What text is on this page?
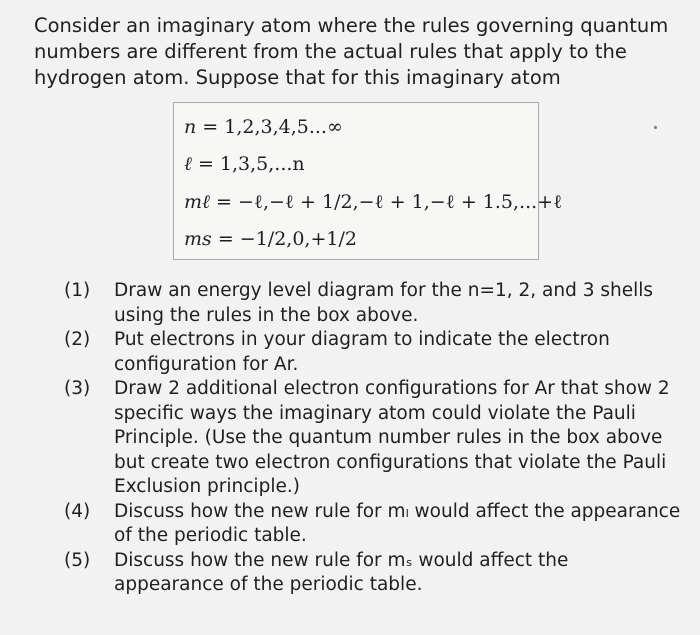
Consider an imaginary atom where the rules governing quantum numbers are different from the actual rules that apply to the hydrogen atom. Suppose that for this imaginary atom
n = 1,2,3,4,5...∞
ℓ = 1,3,5,...n
mℓ = −ℓ,−ℓ + 1/2,−ℓ + 1,−ℓ + 1.5,...+ℓ
ms = −1/2,0,+1/2
(1)	Draw an energy level diagram for the n=1, 2, and 3 shells using the rules in the box above.
(2)	Put electrons in your diagram to indicate the electron configuration for Ar.
(3)	Draw 2 additional electron configurations for Ar that show 2 specific ways the imaginary atom could violate the Pauli Principle. (Use the quantum number rules in the box above but create two electron configurations that violate the Pauli Exclusion principle.)
(4)	Discuss how the new rule for mₗ would affect the appearance of the periodic table.
(5)	Discuss how the new rule for mₛ would affect the appearance of the periodic table.
